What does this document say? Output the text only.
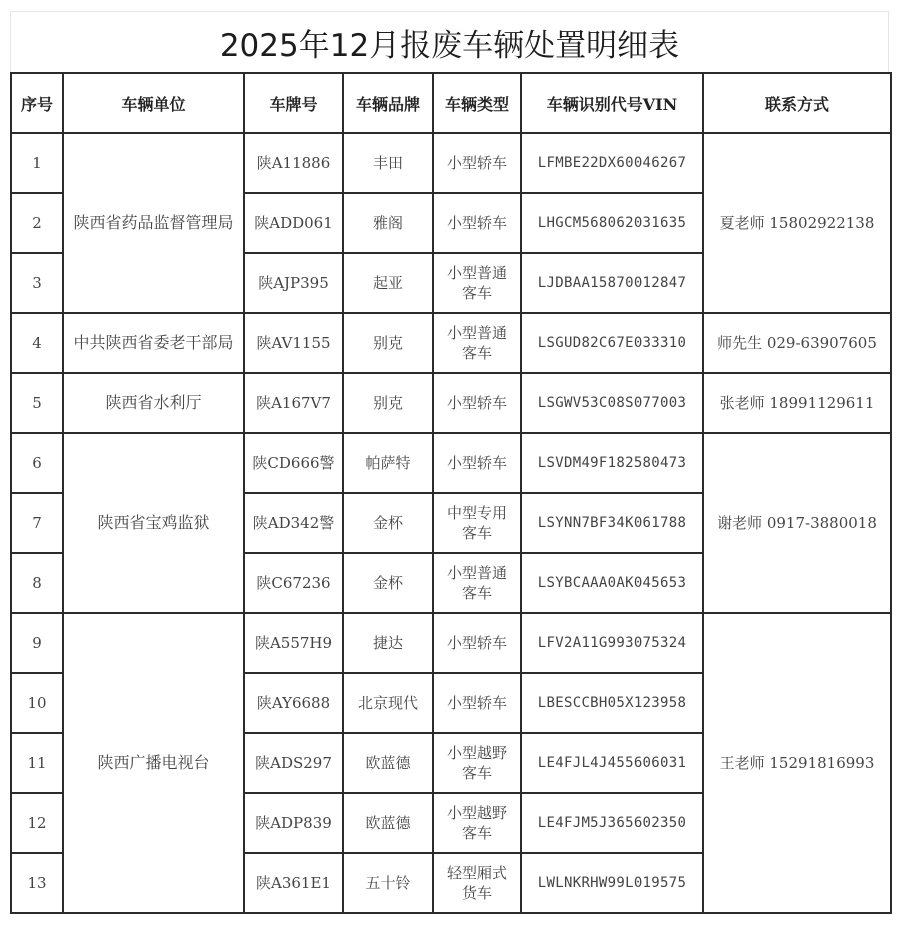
2025年12月报废车辆处置明细表
序号	车辆单位	车牌号	车辆品牌	车辆类型	车辆识别代号VIN	联系方式
1	陕西省药品监督管理局	陕A11886	丰田	小型轿车	LFMBE22DX60046267	夏老师 15802922138
2		陕ADD061	雅阁	小型轿车	LHGCM568062031635	
3		陕AJP395	起亚	小型普通客车	LJDBAA15870012847	
4	中共陕西省委老干部局	陕AV1155	别克	小型普通客车	LSGUD82C67E033310	师先生 029-63907605
5	陕西省水利厅	陕A167V7	别克	小型轿车	LSGWV53C08S077003	张老师 18991129611
6	陕西省宝鸡监狱	陕CD666警	帕萨特	小型轿车	LSVDM49F182580473	谢老师 0917-3880018
7		陕AD342警	金杯	中型专用客车	LSYNN7BF34K061788	
8		陕C67236	金杯	小型普通客车	LSYBCAAA0AK045653	
9	陕西广播电视台	陕A557H9	捷达	小型轿车	LFV2A11G993075324	王老师 15291816993
10		陕AY6688	北京现代	小型轿车	LBESCCBH05X123958	
11		陕ADS297	欧蓝德	小型越野客车	LE4FJL4J455606031	
12		陕ADP839	欧蓝德	小型越野客车	LE4FJM5J365602350	
13		陕A361E1	五十铃	轻型厢式货车	LWLNKRHW99L019575	
